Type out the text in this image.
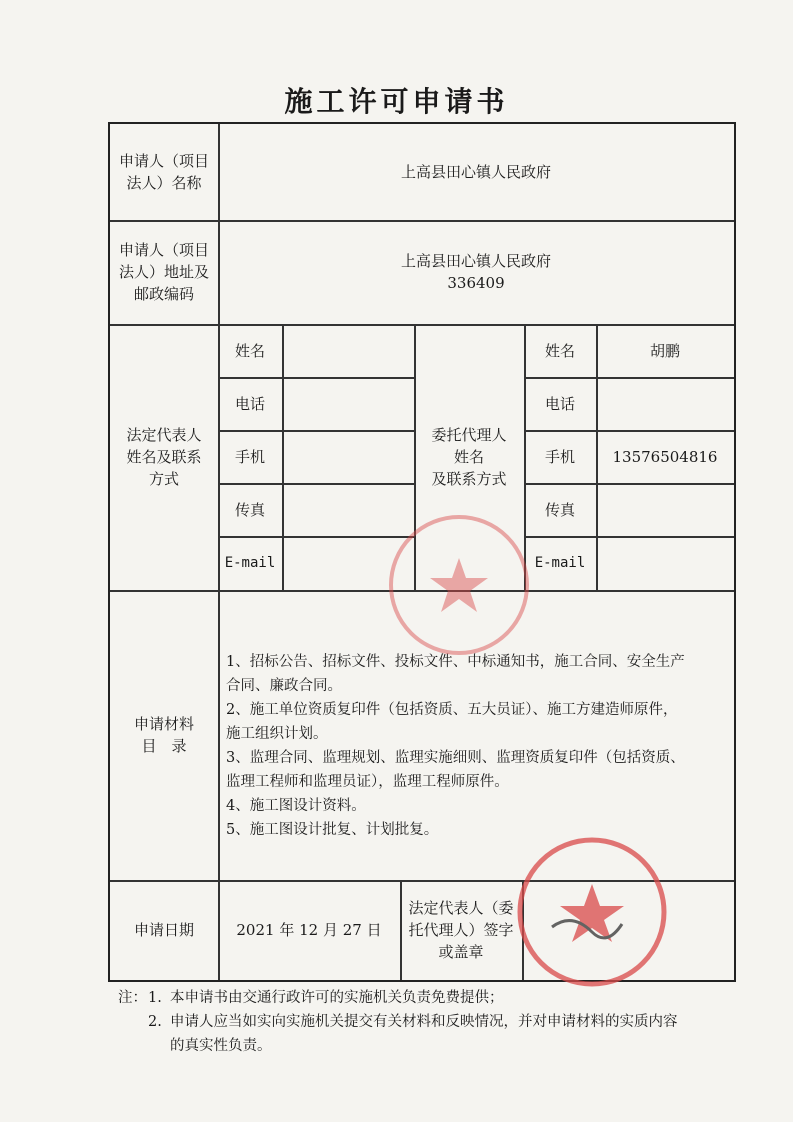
施工许可申请书
申请人（项目
法人）名称
上高县田心镇人民政府
申请人（项目
法人）地址及
邮政编码
上高县田心镇人民政府
336409
法定代表人
姓名及联系
方式
姓名
电话
手机
传真
E-mail
委托代理人
姓名
及联系方式
姓名
电话
手机
传真
E-mail
胡鹏
13576504816
申请材料
目　录
申请日期	2021 年 12 月 27 日
法定代表人（委
托代理人）签字
或盖章
1、招标公告、招标文件、投标文件、中标通知书，施工合同、安全生产
合同、廉政合同。
2、施工单位资质复印件（包括资质、五大员证）、施工方建造师原件，
施工组织计划。
3、监理合同、监理规划、监理实施细则、监理资质复印件（包括资质、
监理工程师和监理员证），监理工程师原件。
4、施工图设计资料。
5、施工图设计批复、计划批复。
注： 1. 本申请书由交通行政许可的实施机关负责免费提供；
2. 申请人应当如实向实施机关提交有关材料和反映情况，并对申请材料的实质内容
的真实性负责。
